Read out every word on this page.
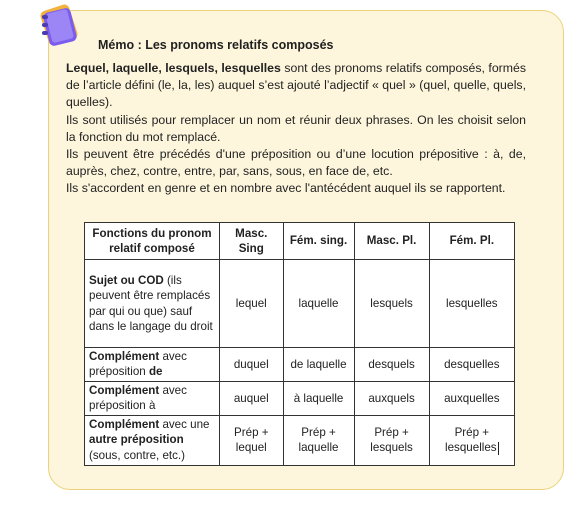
Mémo : Les pronoms relatifs composés

Lequel, laquelle, lesquels, lesquelles sont des pronoms relatifs composés, formés de l’article défini (le, la, les) auquel s’est ajouté l’adjectif « quel » (quel, quelle, quels, quelles).

Ils sont utilisés pour remplacer un nom et réunir deux phrases. On les choisit selon la fonction du mot remplacé.

Ils peuvent être précédés d'une préposition ou d’une locution prépositive : à, de, auprès, chez, contre, entre, par, sans, sous, en face de, etc.

Ils s'accordent en genre et en nombre avec l'antécédent auquel ils se rapportent.

Fonctions du pronom relatif composé	Masc. Sing	Fém. sing.	Masc. Pl.	Fém. Pl.
Sujet ou COD (ils peuvent être remplacés par qui ou que) sauf dans le langage du droit	lequel	laquelle	lesquels	lesquelles
Complément avec préposition de	duquel	de laquelle	desquels	desquelles
Complément avec préposition à	auquel	à laquelle	auxquels	auxquelles
Complément avec une autre préposition (sous, contre, etc.)	Prép + lequel	Prép + laquelle	Prép + lesquels	Prép + lesquelles
